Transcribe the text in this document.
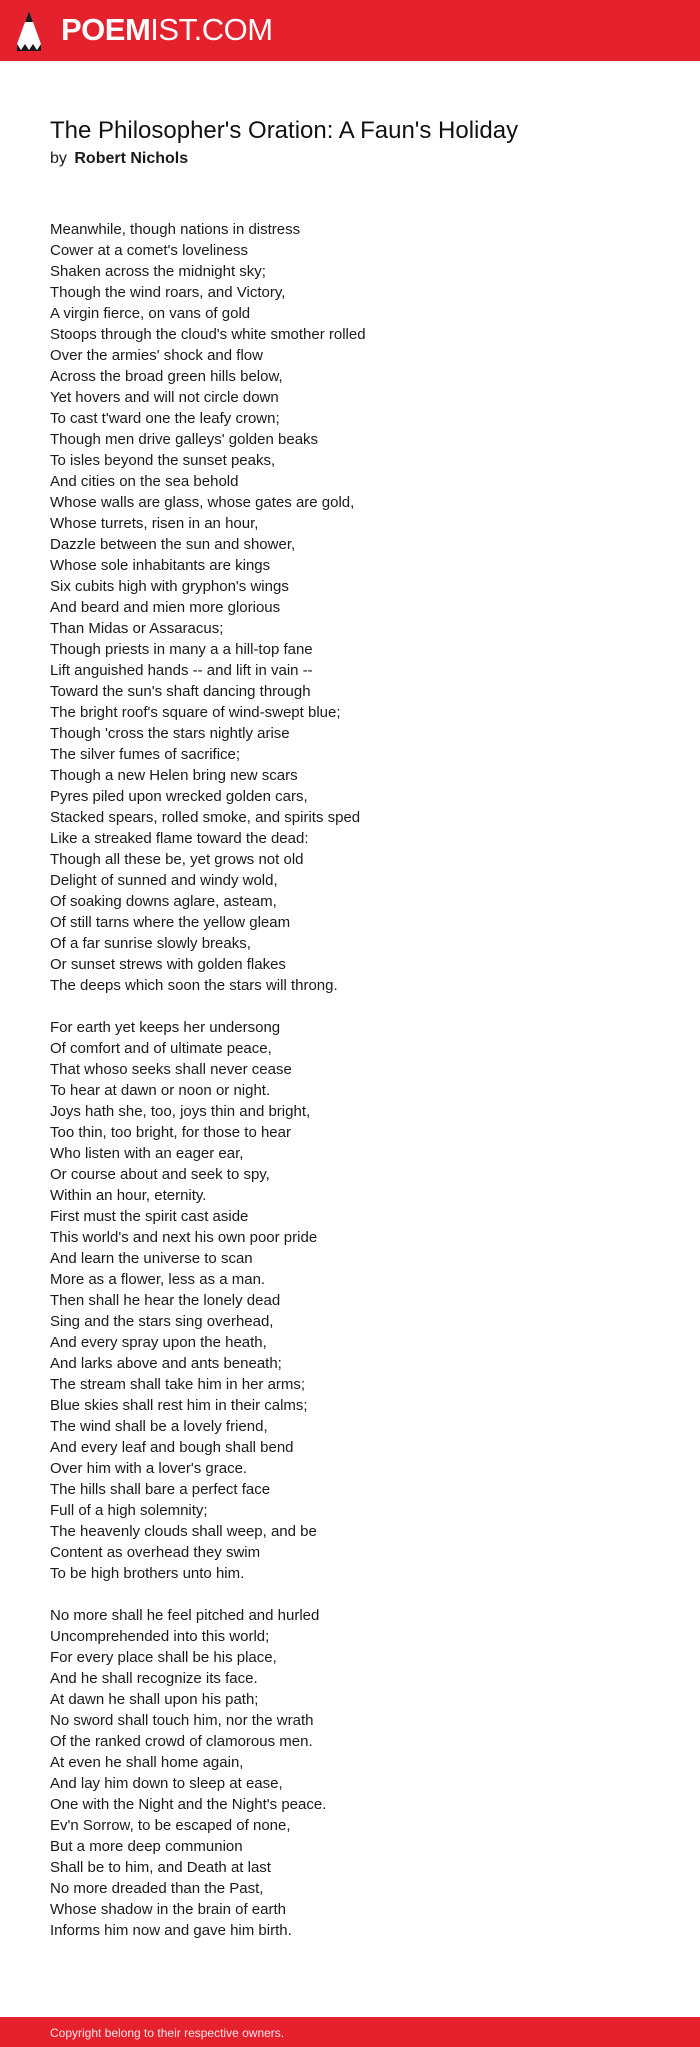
POEMIST.COM
The Philosopher's Oration: A Faun's Holiday
by Robert Nichols
Meanwhile, though nations in distress
Cower at a comet's loveliness
Shaken across the midnight sky;
Though the wind roars, and Victory,
A virgin fierce, on vans of gold
Stoops through the cloud's white smother rolled
Over the armies' shock and flow
Across the broad green hills below,
Yet hovers and will not circle down
To cast t'ward one the leafy crown;
Though men drive galleys' golden beaks
To isles beyond the sunset peaks,
And cities on the sea behold
Whose walls are glass, whose gates are gold,
Whose turrets, risen in an hour,
Dazzle between the sun and shower,
Whose sole inhabitants are kings
Six cubits high with gryphon's wings
And beard and mien more glorious
Than Midas or Assaracus;
Though priests in many a a hill-top fane
Lift anguished hands -- and lift in vain --
Toward the sun's shaft dancing through
The bright roof's square of wind-swept blue;
Though 'cross the stars nightly arise
The silver fumes of sacrifice;
Though a new Helen bring new scars
Pyres piled upon wrecked golden cars,
Stacked spears, rolled smoke, and spirits sped
Like a streaked flame toward the dead:
Though all these be, yet grows not old
Delight of sunned and windy wold,
Of soaking downs aglare, asteam,
Of still tarns where the yellow gleam
Of a far sunrise slowly breaks,
Or sunset strews with golden flakes
The deeps which soon the stars will throng.
For earth yet keeps her undersong
Of comfort and of ultimate peace,
That whoso seeks shall never cease
To hear at dawn or noon or night.
Joys hath she, too, joys thin and bright,
Too thin, too bright, for those to hear
Who listen with an eager ear,
Or course about and seek to spy,
Within an hour, eternity.
First must the spirit cast aside
This world's and next his own poor pride
And learn the universe to scan
More as a flower, less as a man.
Then shall he hear the lonely dead
Sing and the stars sing overhead,
And every spray upon the heath,
And larks above and ants beneath;
The stream shall take him in her arms;
Blue skies shall rest him in their calms;
The wind shall be a lovely friend,
And every leaf and bough shall bend
Over him with a lover's grace.
The hills shall bare a perfect face
Full of a high solemnity;
The heavenly clouds shall weep, and be
Content as overhead they swim
To be high brothers unto him.
No more shall he feel pitched and hurled
Uncomprehended into this world;
For every place shall be his place,
And he shall recognize its face.
At dawn he shall upon his path;
No sword shall touch him, nor the wrath
Of the ranked crowd of clamorous men.
At even he shall home again,
And lay him down to sleep at ease,
One with the Night and the Night's peace.
Ev'n Sorrow, to be escaped of none,
But a more deep communion
Shall be to him, and Death at last
No more dreaded than the Past,
Whose shadow in the brain of earth
Informs him now and gave him birth.
Copyright belong to their respective owners.
